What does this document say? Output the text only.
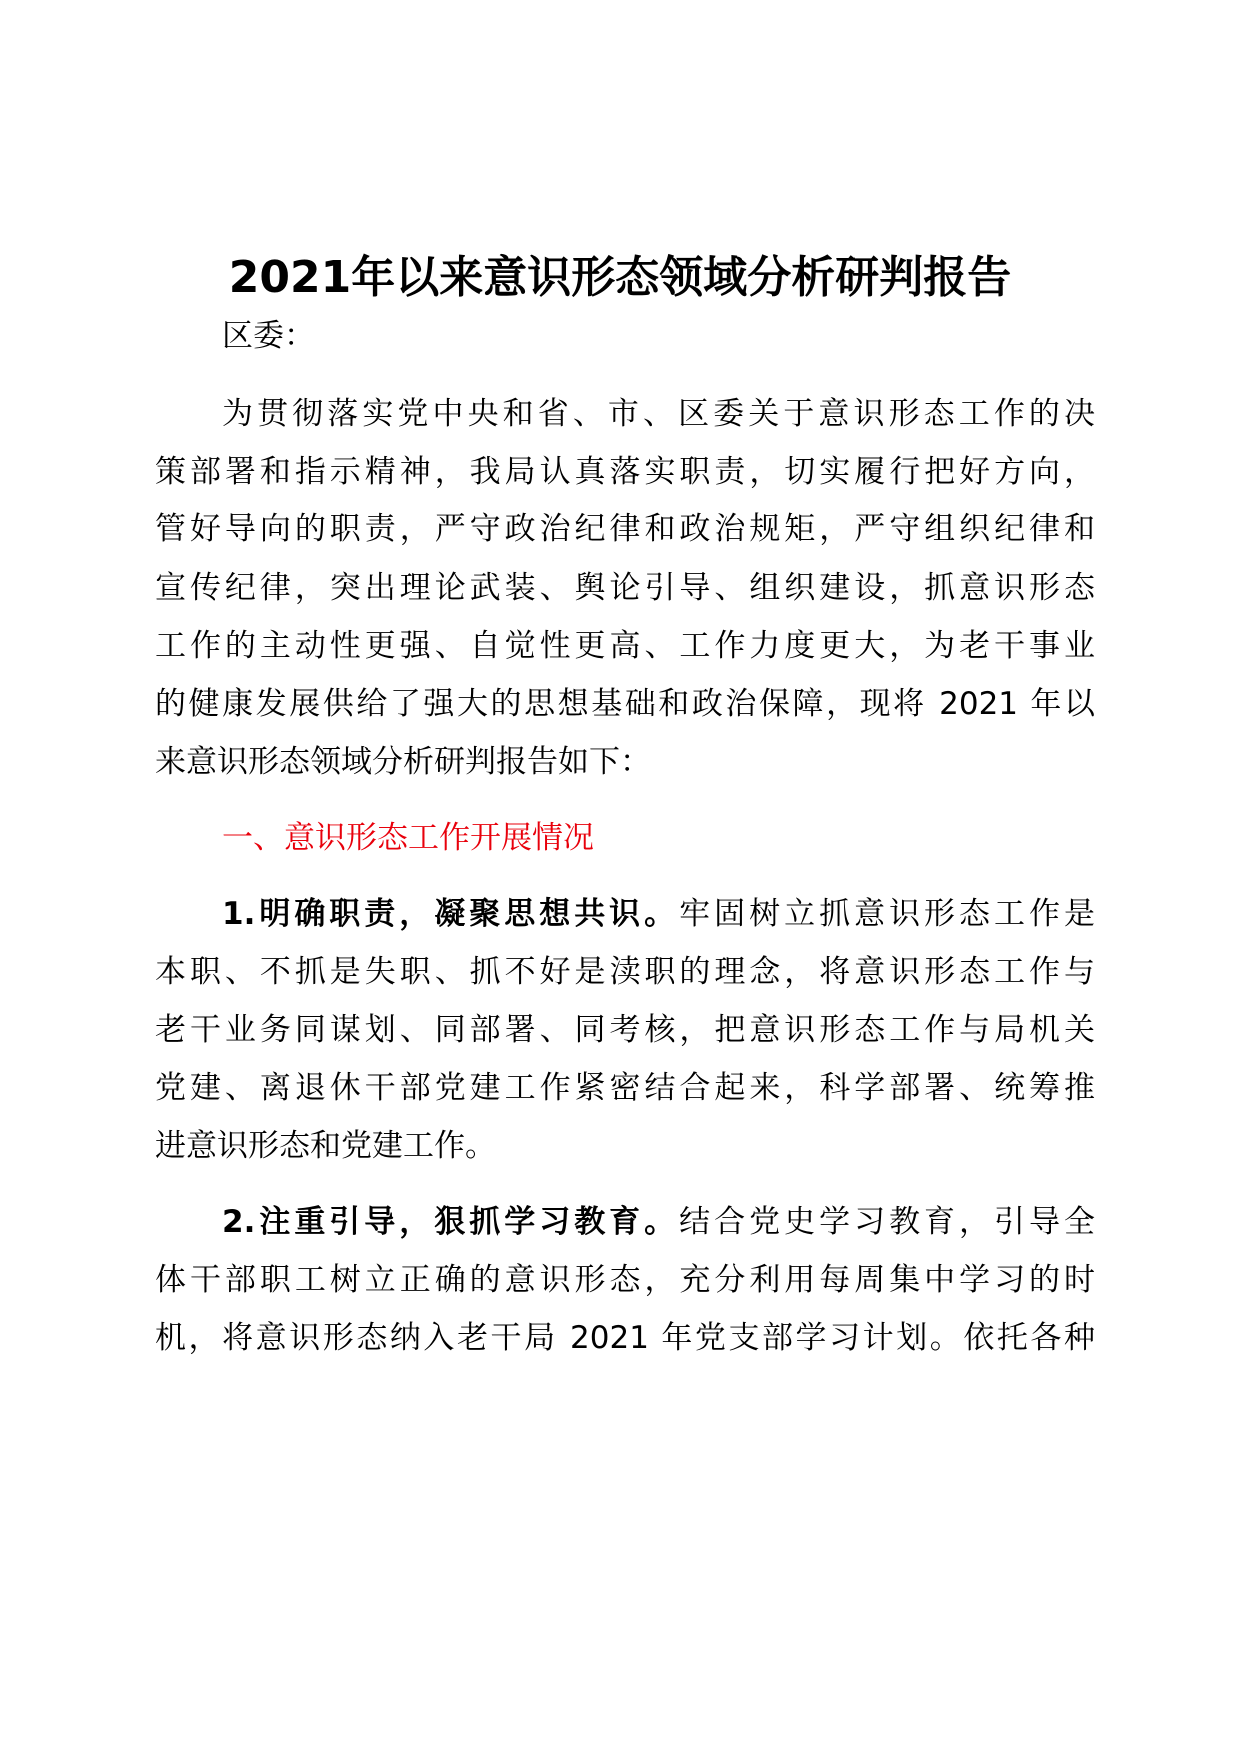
2021年以来意识形态领域分析研判报告
区委：
为贯彻落实党中央和省、市、区委关于意识形态工作的决
策部署和指示精神，我局认真落实职责，切实履行把好方向，
管好导向的职责，严守政治纪律和政治规矩，严守组织纪律和
宣传纪律，突出理论武装、舆论引导、组织建设，抓意识形态
工作的主动性更强、自觉性更高、工作力度更大，为老干事业
的健康发展供给了强大的思想基础和政治保障，现将 2021 年以
来意识形态领域分析研判报告如下：
一、意识形态工作开展情况
1.明确职责，凝聚思想共识。牢固树立抓意识形态工作是
本职、不抓是失职、抓不好是渎职的理念，将意识形态工作与
老干业务同谋划、同部署、同考核，把意识形态工作与局机关
党建、离退休干部党建工作紧密结合起来，科学部署、统筹推
进意识形态和党建工作。
2.注重引导，狠抓学习教育。结合党史学习教育，引导全
体干部职工树立正确的意识形态，充分利用每周集中学习的时
机，将意识形态纳入老干局 2021 年党支部学习计划。依托各种
